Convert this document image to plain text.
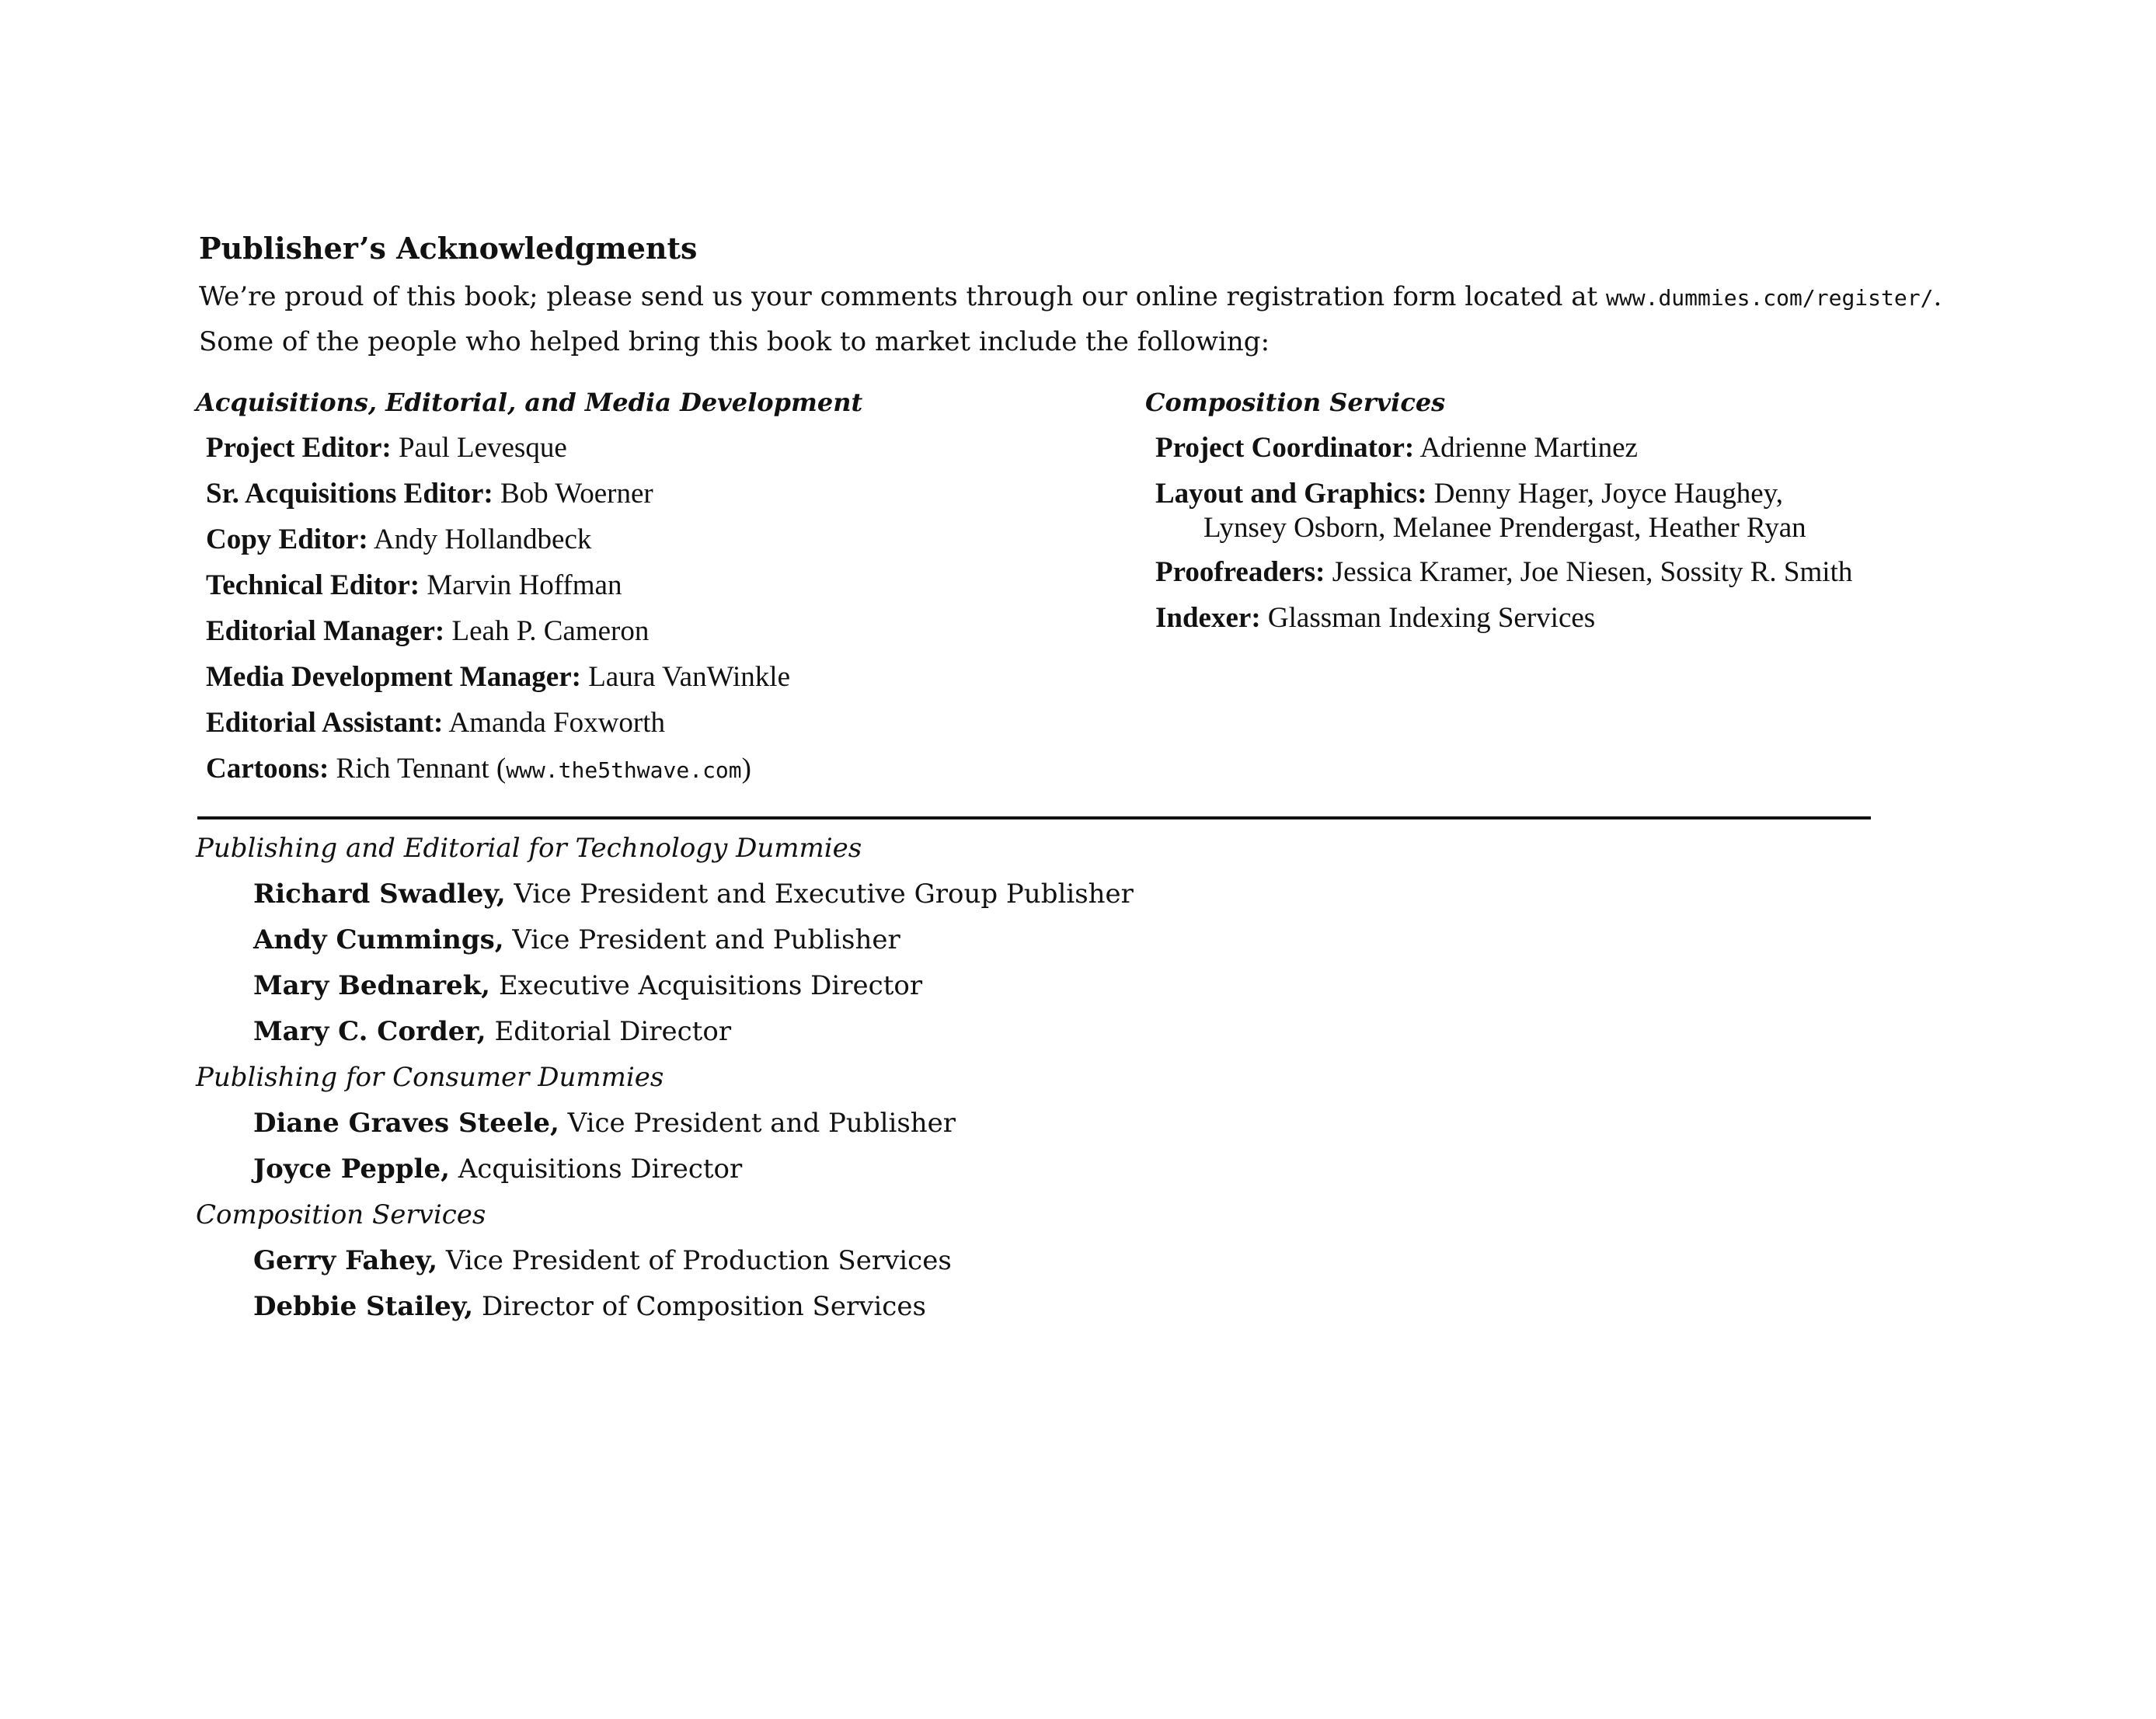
Publisher’s Acknowledgments
We’re proud of this book; please send us your comments through our online registration form located at www.dummies.com/register/.
Some of the people who helped bring this book to market include the following:
Acquisitions, Editorial, and Media Development
Project Editor: Paul Levesque
Sr. Acquisitions Editor: Bob Woerner
Copy Editor: Andy Hollandbeck
Technical Editor: Marvin Hoffman
Editorial Manager: Leah P. Cameron
Media Development Manager: Laura VanWinkle
Editorial Assistant: Amanda Foxworth
Cartoons: Rich Tennant (www.the5thwave.com)
Composition Services
Project Coordinator: Adrienne Martinez
Layout and Graphics: Denny Hager, Joyce Haughey,
Lynsey Osborn, Melanee Prendergast, Heather Ryan
Proofreaders: Jessica Kramer, Joe Niesen, Sossity R. Smith
Indexer: Glassman Indexing Services
Publishing and Editorial for Technology Dummies
Richard Swadley, Vice President and Executive Group Publisher
Andy Cummings, Vice President and Publisher
Mary Bednarek, Executive Acquisitions Director
Mary C. Corder, Editorial Director
Publishing for Consumer Dummies
Diane Graves Steele, Vice President and Publisher
Joyce Pepple, Acquisitions Director
Composition Services
Gerry Fahey, Vice President of Production Services
Debbie Stailey, Director of Composition Services
